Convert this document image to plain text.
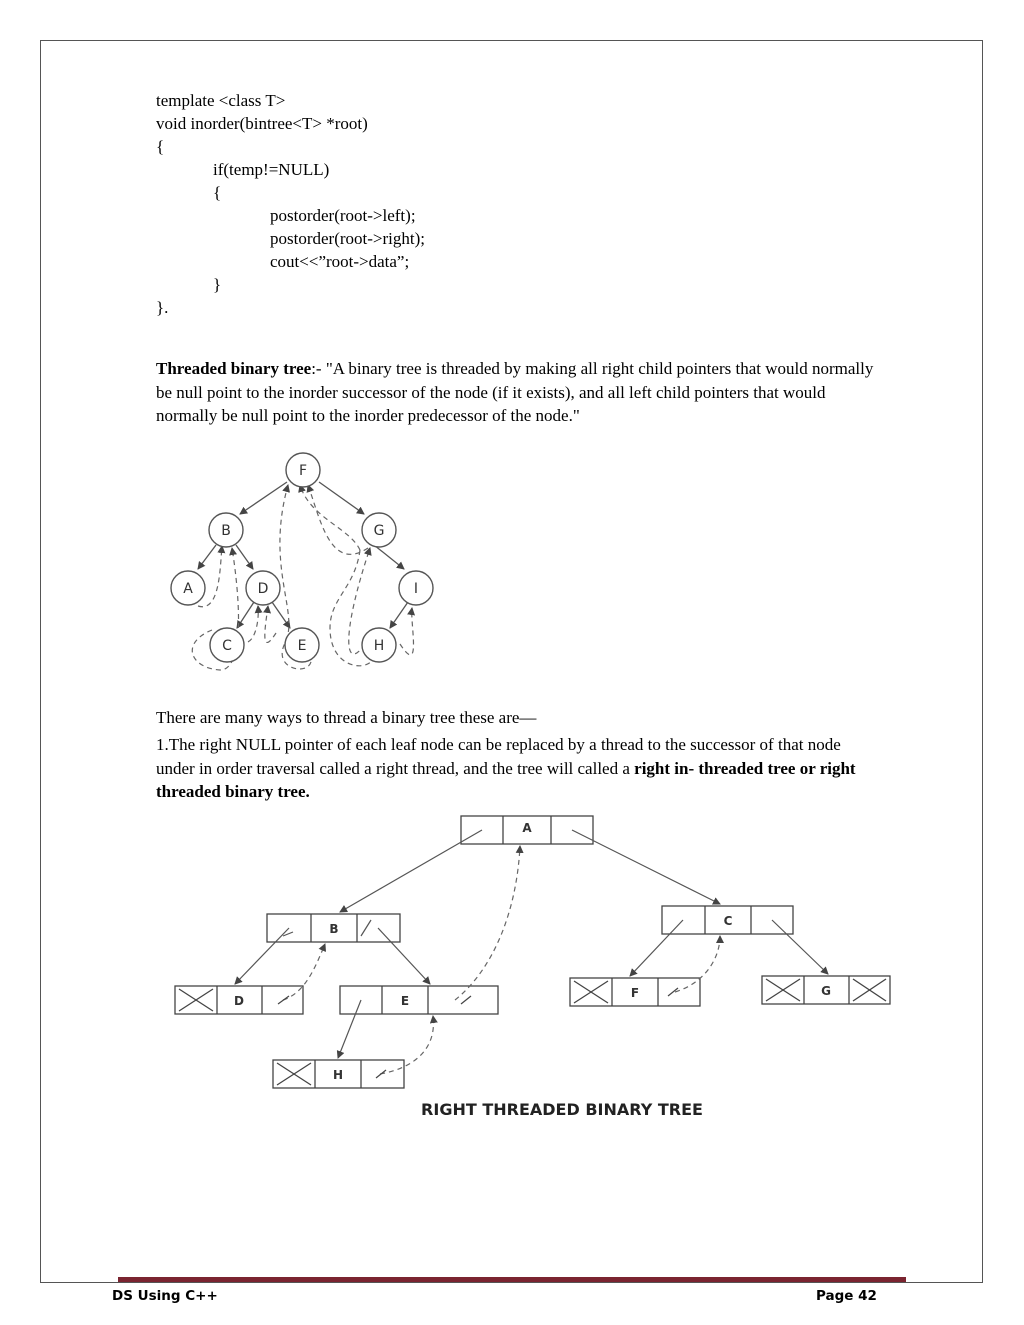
template <class T>
void inorder(bintree<T> *root)
{
if(temp!=NULL)
{
postorder(root->left);
postorder(root->right);
cout<<”root->data”;
}
}.

Threaded binary tree:- "A binary tree is threaded by making all right child pointers that would normally be null point to the inorder successor of the node (if it exists), and all left child pointers that would normally be null point to the inorder predecessor of the node."

F
B	G
A	D	I
C	E	H

There are many ways to thread a binary tree these are—

1.The right NULL pointer of each leaf node can be replaced by a thread to the successor of that node under in order traversal called a right thread, and the tree will called a right in- threaded tree or right threaded binary tree.

A
B
C
D	E
F	G
H
RIGHT THREADED BINARY TREE
DS Using C++	Page 42
